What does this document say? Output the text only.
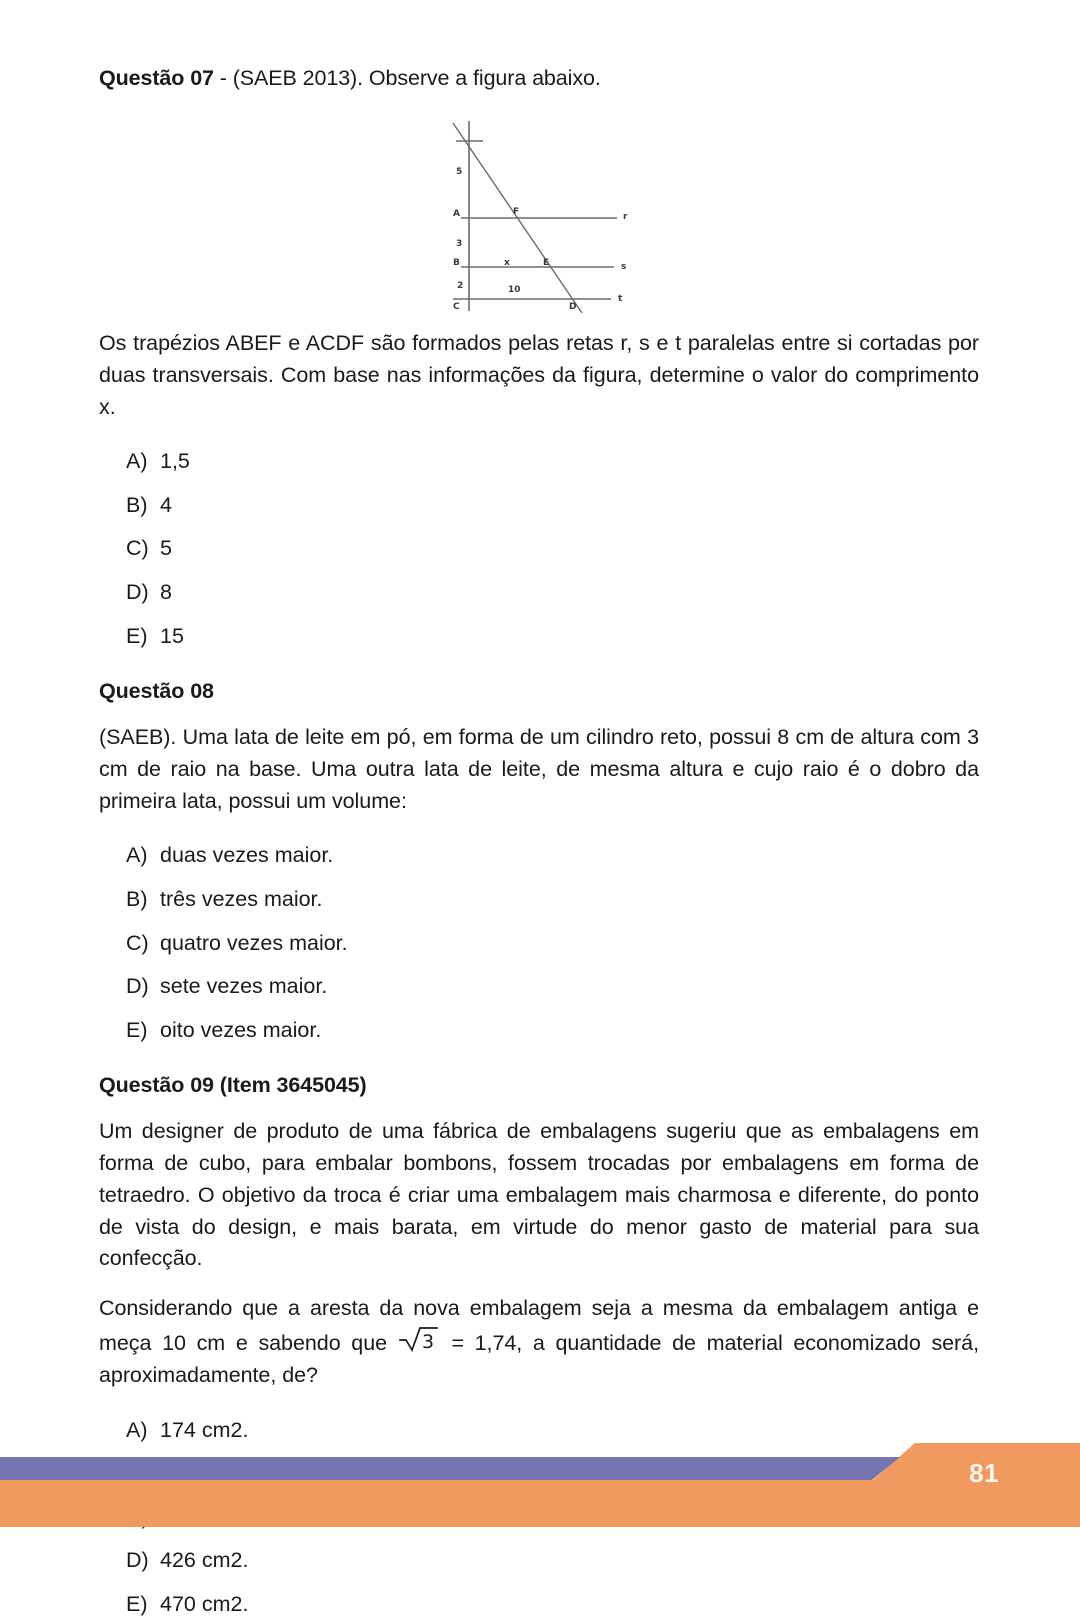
Questão 07 - (SAEB 2013). Observe a figura abaixo.
5
A
3
B
2
C
F
E
D
x
10
r
s
t

Os trapézios ABEF e ACDF são formados pelas retas r, s e t paralelas entre si cortadas por duas transversais. Com base nas informações da figura, determine o valor do comprimento x.

A) 1,5
B) 4
C) 5
D) 8
E) 15
Questão 08

(SAEB). Uma lata de leite em pó, em forma de um cilindro reto, possui 8 cm de altura com 3 cm de raio na base. Uma outra lata de leite, de mesma altura e cujo raio é o dobro da primeira lata, possui um volume:

A) duas vezes maior.
B) três vezes maior.
C) quatro vezes maior.
D) sete vezes maior.
E) oito vezes maior.
Questão 09 (Item 3645045)

Um designer de produto de uma fábrica de embalagens sugeriu que as embalagens em forma de cubo, para embalar bombons, fossem trocadas por embalagens em forma de tetraedro. O objetivo da troca é criar uma embalagem mais charmosa e diferente, do ponto de vista do design, e mais barata, em virtude do menor gasto de material para sua confecção.

Considerando que a aresta da nova embalagem seja a mesma da embalagem antiga e meça 10 cm e sabendo que 3 = 1,74, a quantidade de material economizado será, aproximadamente, de?

A) 174 cm2.
D) 426 cm2.
E) 470 cm2.
81
